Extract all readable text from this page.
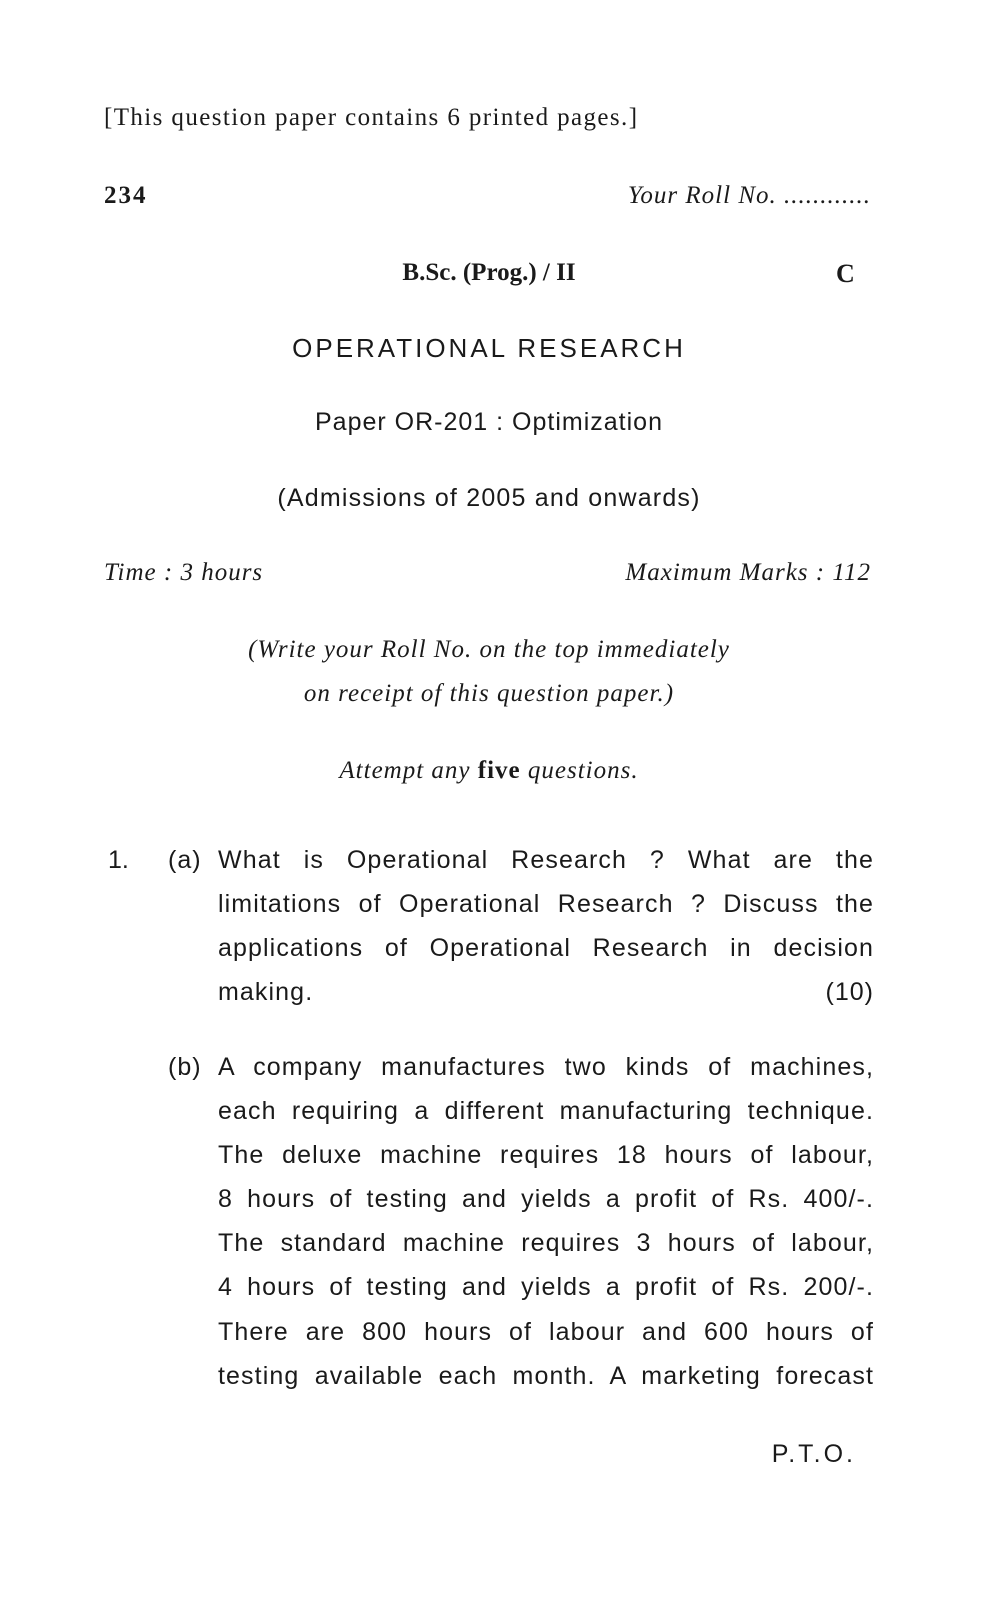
[This question paper contains 6 printed pages.]
234	Your Roll No. ............
B.Sc. (Prog.) / II	C
OPERATIONAL RESEARCH
Paper OR-201 : Optimization
(Admissions of 2005 and onwards)
Time : 3 hours	Maximum Marks : 112
(Write your Roll No. on the top immediately
on receipt of this question paper.)
Attempt any five questions.
1. (a) What is Operational Research ? What are the
limitations of Operational Research ? Discuss the
applications of Operational Research in decision
making.	(10)
(b) A company manufactures two kinds of machines,
each requiring a different manufacturing technique.
The deluxe machine requires 18 hours of labour,
8 hours of testing and yields a profit of Rs. 400/-.
The standard machine requires 3 hours of labour,
4 hours of testing and yields a profit of Rs. 200/-.
There are 800 hours of labour and 600 hours of
testing available each month. A marketing forecast
P.T.O.
